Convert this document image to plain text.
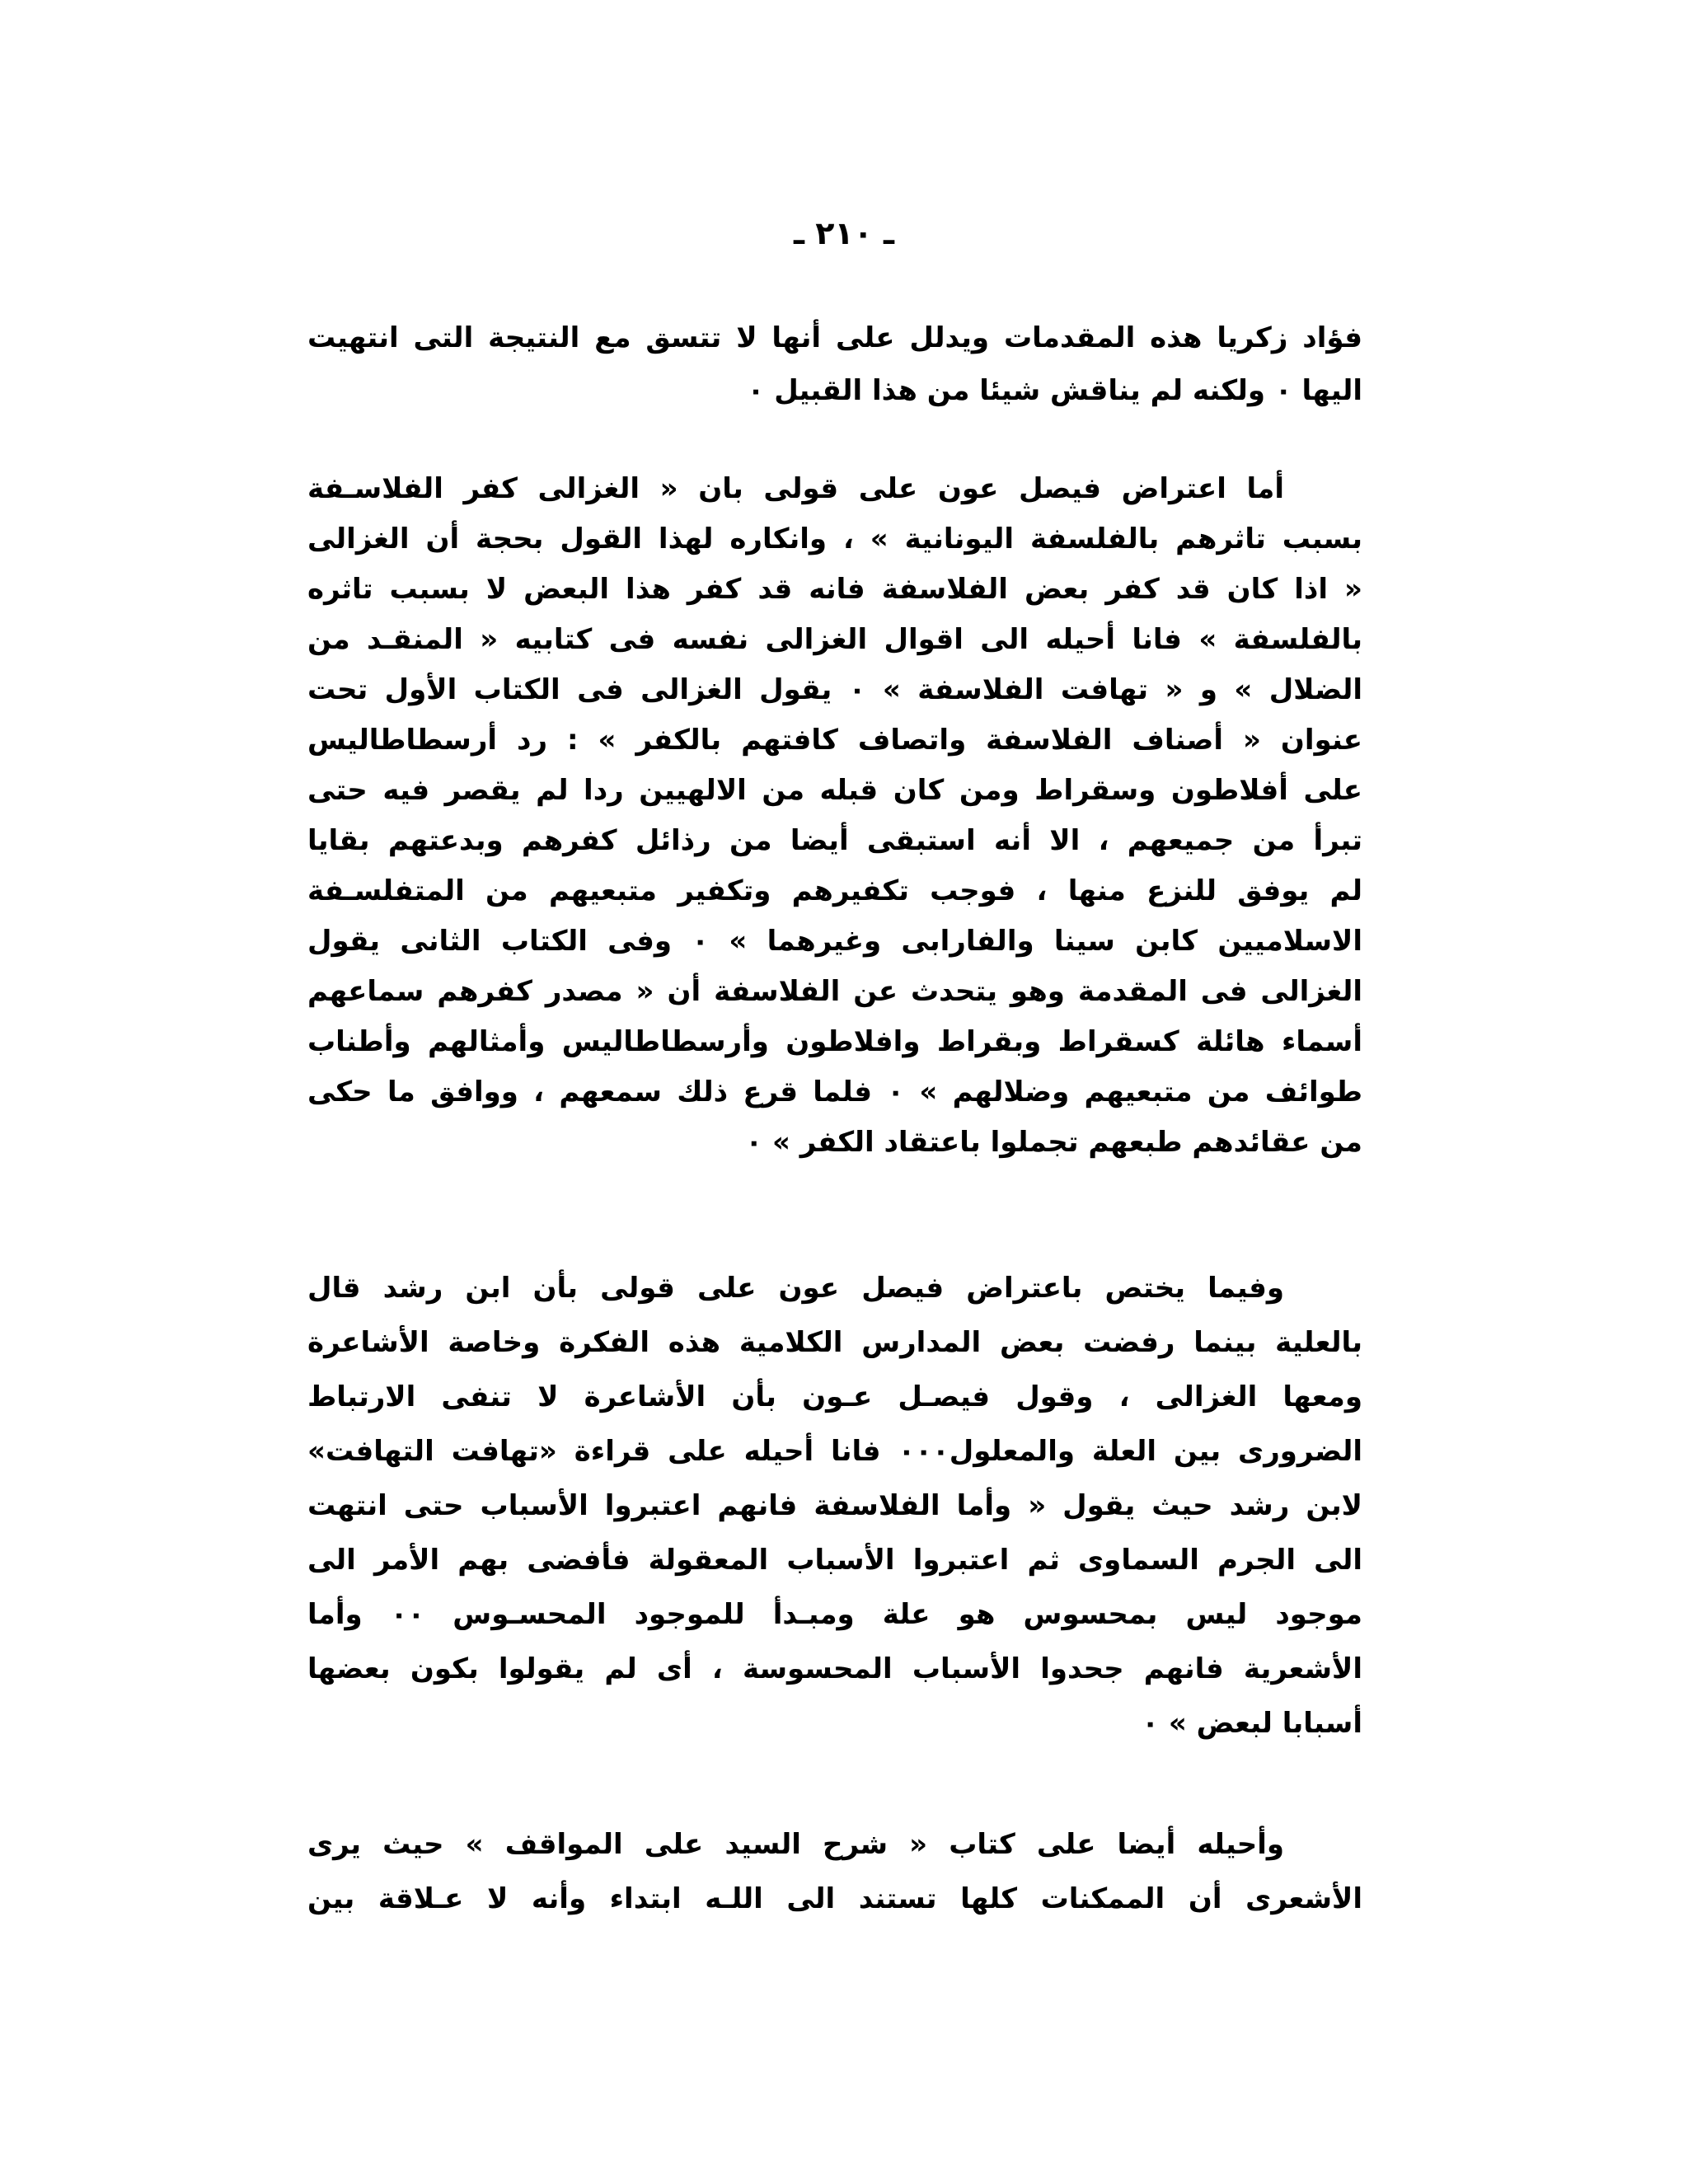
ـ ٢١٠ ـ
فؤاد زكريا هذه المقدمات ويدلل على أنها لا تتسق مع النتيجة التى انتهيت
اليها ٠ ولكنه لم يناقش شيئا من هذا القبيل ٠
أما اعتراض فيصل عون على قولى بان « الغزالى كفر الفلاسـفة
بسبب تاثرهم بالفلسفة اليونانية » ، وانكاره لهذا القول بحجة أن الغزالى
« اذا كان قد كفر بعض الفلاسفة فانه قد كفر هذا البعض لا بسبب تاثره
بالفلسفة » فانا أحيله الى اقوال الغزالى نفسه فى كتابيه « المنقـد من
الضلال » و « تهافت الفلاسفة » ٠ يقول الغزالى فى الكتاب الأول تحت
عنوان « أصناف الفلاسفة واتصاف كافتهم بالكفر » : رد أرسطاطاليس
على أفلاطون وسقراط ومن كان قبله من الالهيين ردا لم يقصر فيه حتى
تبرأ من جميعهم ، الا أنه استبقى أيضا من رذائل كفرهم وبدعتهم بقايا
لم يوفق للنزع منها ، فوجب تكفيرهم وتكفير متبعيهم من المتفلسـفة
الاسلاميين كابن سينا والفارابى وغيرهما » ٠ وفى الكتاب الثانى يقول
الغزالى فى المقدمة وهو يتحدث عن الفلاسفة أن « مصدر كفرهم سماعهم
أسماء هائلة كسقراط وبقراط وافلاطون وأرسطاطاليس وأمثالهم وأطناب
طوائف من متبعيهم وضلالهم » ٠ فلما قرع ذلك سمعهم ، ووافق ما حكى
من عقائدهم طبعهم تجملوا باعتقاد الكفر » ٠
وفيما يختص باعتراض فيصل عون على قولى بأن ابن رشد قال
بالعلية بينما رفضت بعض المدارس الكلامية هذه الفكرة وخاصة الأشاعرة
ومعها الغزالى ، وقول فيصـل عـون بأن الأشاعرة لا تنفى الارتباط
الضرورى بين العلة والمعلول٠٠٠ فانا أحيله على قراءة «تهافت التهافت»
لابن رشد حيث يقول « وأما الفلاسفة فانهم اعتبروا الأسباب حتى انتهت
الى الجرم السماوى ثم اعتبروا الأسباب المعقولة فأفضى بهم الأمر الى
موجود ليس بمحسوس هو علة ومبـدأ للموجود المحسـوس ٠٠ وأما
الأشعرية فانهم جحدوا الأسباب المحسوسة ، أى لم يقولوا بكون بعضها
أسبابا لبعض » ٠
وأحيله أيضا على كتاب « شرح السيد على المواقف » حيث يرى
الأشعرى أن الممكنات كلها تستند الى اللـه ابتداء وأنه لا عـلاقة بين
